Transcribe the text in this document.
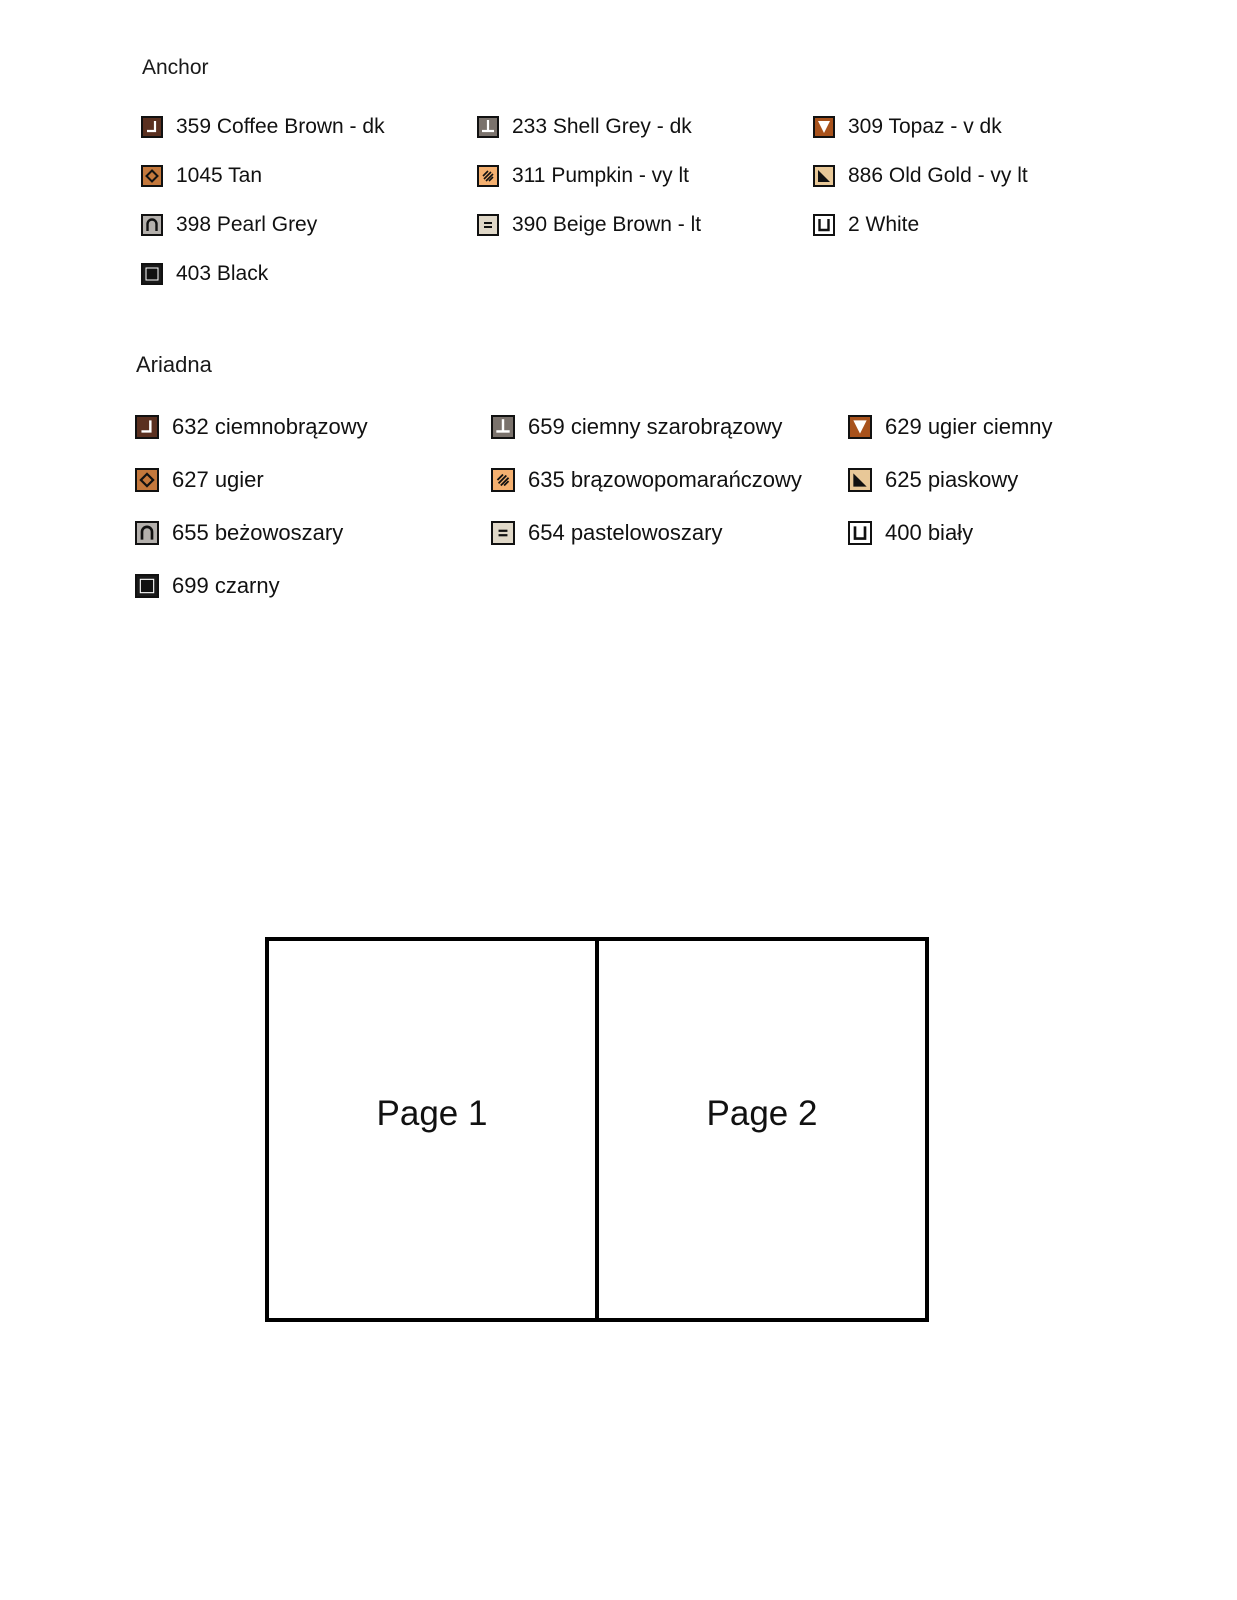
Anchor
359 Coffee Brown - dk	233 Shell Grey - dk	309 Topaz - v dk
1045 Tan	311 Pumpkin - vy lt	886 Old Gold - vy lt
398 Pearl Grey	390 Beige Brown - lt	2 White
403 Black
Ariadna
632 ciemnobrązowy	659 ciemny szarobrązowy	629 ugier ciemny
627 ugier	635 brązowopomarańczowy	625 piaskowy
655 beżowoszary	654 pastelowoszary	400 biały
699 czarny
Page 1	Page 2
